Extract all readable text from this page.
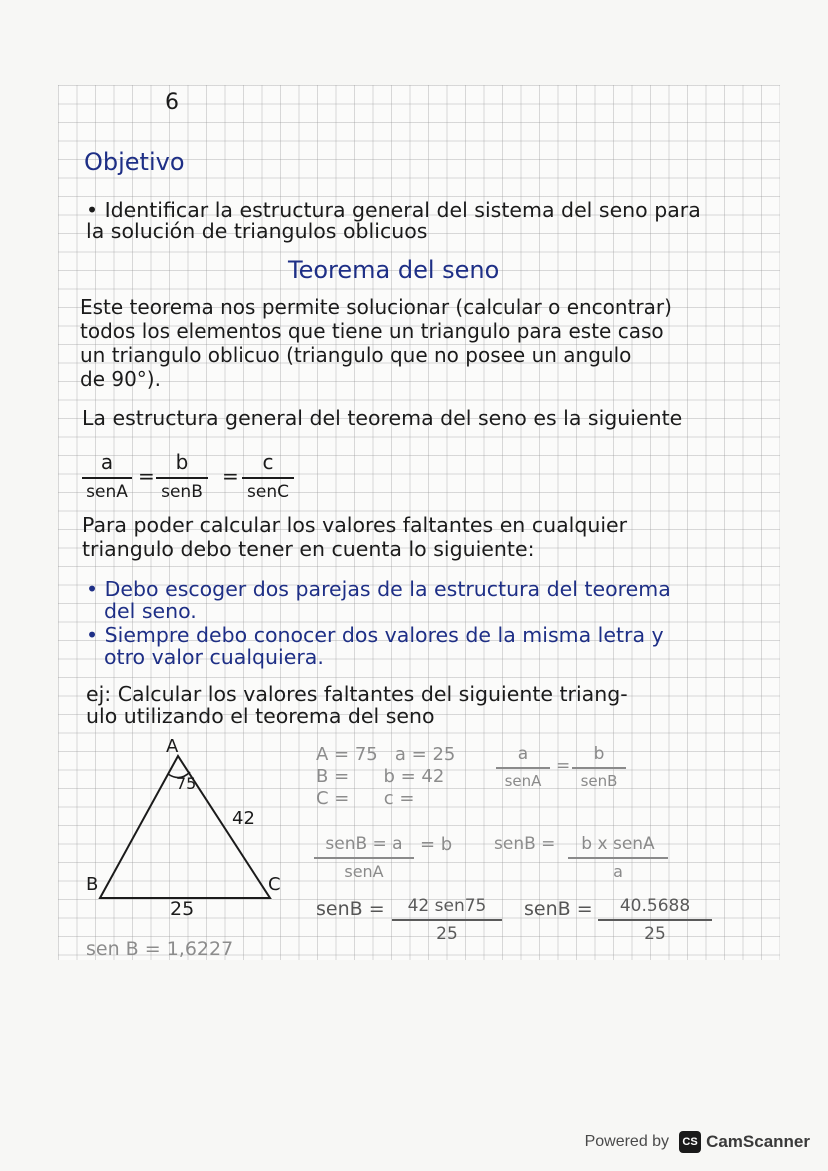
6
Objetivo
• Identificar la estructura general del sistema del seno para
la solución de triangulos oblicuos
Teorema del seno
Este teorema nos permite solucionar (calcular o encontrar)
todos los elementos que tiene un triangulo para este caso
un triangulo oblicuo (triangulo que no posee un angulo
de 90°).
La estructura general del teorema del seno es la siguiente
a
senA
=
b
senB
=
c
senC
Para poder calcular los valores faltantes en cualquier
triangulo debo tener en cuenta lo siguiente:
• Debo escoger dos parejas de la estructura del teorema
del seno.
• Siempre debo conocer dos valores de la misma letra y
otro valor cualquiera.
ej: Calcular los valores faltantes del siguiente triang-
ulo utilizando el teorema del seno
A
B	C
75
42
25
A = 75   a = 25
B =      b = 42
C =      c =
a
senA
=
b
senB
senB = a
senA
= b senB =	b x senA
a
senB =	42 sen75
25
senB = $\frac{40.5688}{25}$
sen B = 1,6227
Powered by	CS CamScanner
